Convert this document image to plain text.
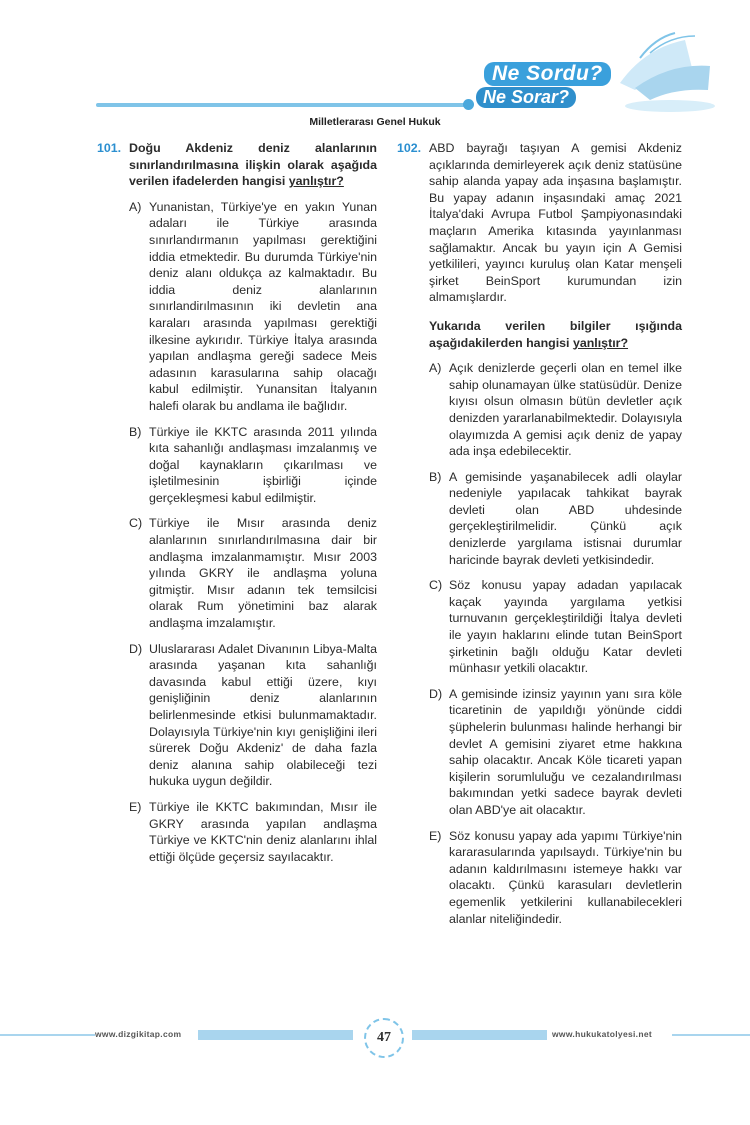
Ne Sordu?
Ne Sorar?
Milletlerarası Genel Hukuk
101. Doğu Akdeniz deniz alanlarının sınırlandırılmasına ilişkin olarak aşağıda verilen ifadelerden hangisi yanlıştır?
A) Yunanistan, Türkiye'ye en yakın Yunan adaları ile Türkiye arasında sınırlandırmanın yapılması gerektiğini iddia etmektedir. Bu durumda Türkiye'nin deniz alanı oldukça az kalmaktadır. Bu iddia deniz alanlarının sınırlandirılmasının iki devletin ana karaları arasında yapılması gerektiği ilkesine aykırıdır. Türkiye İtalya arasında yapılan andlaşma gereği sadece Meis adasının karasularına sahip olacağı kabul edilmiştir. Yunansitan İtalyanın halefi olarak bu andlama ile bağlıdır.
B) Türkiye ile KKTC arasında 2011 yılında kıta sahanlığı andlaşması imzalanmış ve doğal kaynakların çıkarılması ve işletilmesinin işbirliği içinde gerçekleşmesi kabul edilmiştir.
C) Türkiye ile Mısır arasında deniz alanlarının sınırlandırılmasına dair bir andlaşma imzalanmamıştır. Mısır 2003 yılında GKRY ile andlaşma yoluna gitmiştir. Mısır adanın tek temsilcisi olarak Rum yönetimini baz alarak andlaşma imzalamıştır.
D) Uluslararası Adalet Divanının Libya-Malta arasında yaşanan kıta sahanlığı davasında kabul ettiği üzere, kıyı genişliğinin deniz alanlarının belirlenmesinde etkisi bulunmamaktadır. Dolayısıyla Türkiye'nin kıyı genişliğini ileri sürerek Doğu Akdeniz' de daha fazla deniz alanına sahip olabileceği tezi hukuka uygun değildir.
E) Türkiye ile KKTC bakımından, Mısır ile GKRY arasında yapılan andlaşma Türkiye ve KKTC'nin deniz alanlarını ihlal ettiği ölçüde geçersiz sayılacaktır.
102. ABD bayrağı taşıyan A gemisi Akdeniz açıklarında demirleyerek açık deniz statüsüne sahip alanda yapay ada inşasına başlamıştır. Bu yapay adanın inşasındaki amaç 2021 İtalya'daki Avrupa Futbol Şampiyonasındaki maçların Amerika kıtasında yayınlanması sağlamaktır. Ancak bu yayın için A Gemisi yetkilileri, yayıncı kuruluş olan Katar menşeli şirket BeinSport kurumundan izin almamışlardır.
Yukarıda verilen bilgiler ışığında aşağıdakilerden hangisi yanlıştır?
A) Açık denizlerde geçerli olan en temel ilke sahip olunamayan ülke statüsüdür. Denize kıyısı olsun olmasın bütün devletler açık denizden yararlanabilmektedir. Dolayısıyla olayımızda A gemisi açık deniz de yapay ada inşa edebilecektir.
B) A gemisinde yaşanabilecek adli olaylar nedeniyle yapılacak tahkikat bayrak devleti olan ABD uhdesinde gerçekleştirilmelidir. Çünkü açık denizlerde yargılama istisnai durumlar haricinde bayrak devleti yetkisindedir.
C) Söz konusu yapay adadan yapılacak kaçak yayında yargılama yetkisi turnuvanın gerçekleştirildiği İtalya devleti ile yayın haklarını elinde tutan BeinSport şirketinin bağlı olduğu Katar devleti münhasır yetkili olacaktır.
D) A gemisinde izinsiz yayının yanı sıra köle ticaretinin de yapıldığı yönünde ciddi şüphelerin bulunması halinde herhangi bir devlet A gemisini ziyaret etme hakkına sahip olacaktır. Ancak Köle ticareti yapan kişilerin sorumluluğu ve cezalandırılması bakımından yetki sadece bayrak devleti olan ABD'ye ait olacaktır.
E) Söz konusu yapay ada yapımı Türkiye'nin kararasularında yapılsaydı. Türkiye'nin bu adanın kaldırılmasını istemeye hakkı var olacaktı. Çünkü karasuları devletlerin egemenlik yetkilerini kullanabilecekleri alanlar niteliğindedir.
www.dizgikitap.com	47	www.hukukatolyesi.net
